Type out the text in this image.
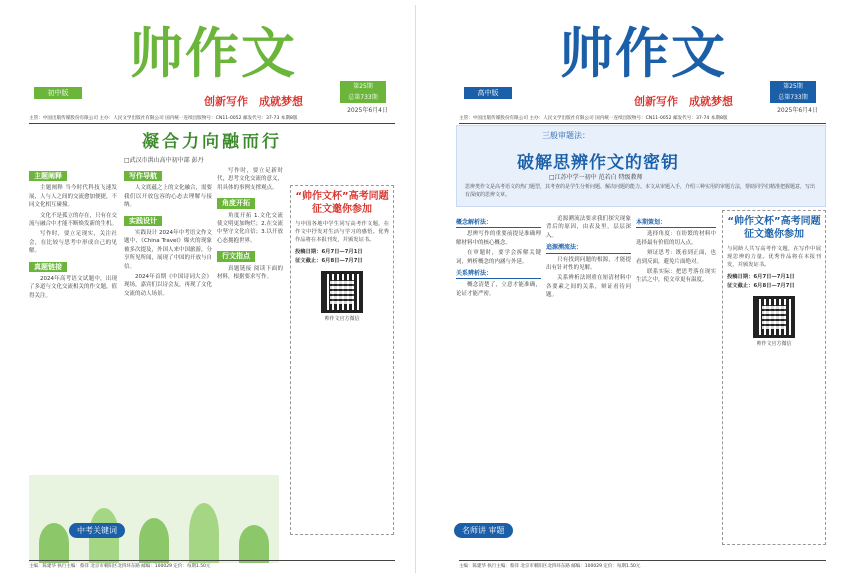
帅作文
创新写作　成就梦想
初中版
第25期
总第733期
2025年6月4日
主管：中国出版传媒股份有限公司 主办：人民文学出版社有限公司 国内统一连续出版物号：CN11-0052 邮发代号：37-73 本期8版
凝合力向融而行
□武汉市洪山高中初中部 彭丹
主题阐释

主题阐释 当今时代科技飞速发展，人与人之间的交流愈加便捷，不同文化相互碰撞。

文化不是孤立的存在，只有在交流与融合中才能不断焕发新的生机。

写作时，要立足现实，关注社会，在比较与思考中形成自己的见解。

真题链接

2024年高考语文试题中，出现了多道与文化交流相关的作文题，值得关注。

写作导航

人文底蕴之上的文化融合，需要我们以开放包容的心态去理解与接纳。

实践设计

实践设计 2024年中考语文作文题中，《China Travel》爆火的现象被多次提及，外国人来中国旅游，分享所见所闻，展现了中国的开放与自信。

2024年首期《中国诗词大会》现场，嘉宾们以诗会友，再现了文化交流的动人场景。

写作时，要立足新时代，思考文化交流的意义，用具体的事例支撑观点。

角度开拓

角度开拓 1.文化交流使文明更加绚烂；2.在交流中坚守文化自信；3.以开放心态拥抱世界。

行文指点

真题链接 阅读下面的材料，根据要求写作。

“帅作文杯”高考同题征文邀你参加
与中国各地中学生同写高考作文题，在作文中抒发对生活与学习的感悟。优秀作品将在本报刊发，并颁发证书。
投稿日期：6月7日—7月1日
征文截止：6月8日—7月7日
帅作文官方微信
中考关键词
主编：陈建华 执行主编：蔡萍 北京市朝阳区北四环东路 邮编：100029 定价：每期1.50元
帅作文
创新写作　成就梦想
高中版
第25期
总第733期
2025年6月4日
主管：中国出版传媒股份有限公司 主办：人民文学出版社有限公司 国内统一连续出版物号：CN11-0052 邮发代号：37-74 本期8版
三般审题法：
破解思辨作文的密钥
□江苏中学一初中 范若白 特级教师
思辨类作文是高考语文的热门题型，其考查的是学生分析问题、解决问题的能力。本文从审题入手，介绍三种实用的审题方法，帮助同学们精准把握题意，写出有深度的思辨文章。
概念解析法：

思辨写作的重要前提是准确理解材料中的核心概念。

在审题时，要学会拆解关键词，辨析概念的内涵与外延。

关系辨析法：

概念清楚了，立意才能准确，论证才能严密。

追源溯流法要求我们探究现象背后的原因，由表及里，层层深入。

追源溯流法：

只有找到问题的根源，才能提出有针对性的见解。

关系辨析法则重在厘清材料中各要素之间的关系，辩证看待问题。

本期策划：

选择角度：在纷繁的材料中选择最有价值的切入点。

辩证思考：既看到正面，也看到反面，避免片面绝对。

联系实际：把思考落在现实生活之中，使文章更有温度。

“帅作文杯”高考同题征文邀你参加
与同龄人共写高考作文题，在写作中展现思辨的力量。优秀作品将在本报刊发，并颁发证书。
投稿日期：6月7日—7月1日
征文截止：6月8日—7月7日
帅作文官方微信
名师讲 审题
主编：陈建华 执行主编：蔡萍 北京市朝阳区北四环东路 邮编：100029 定价：每期1.50元
